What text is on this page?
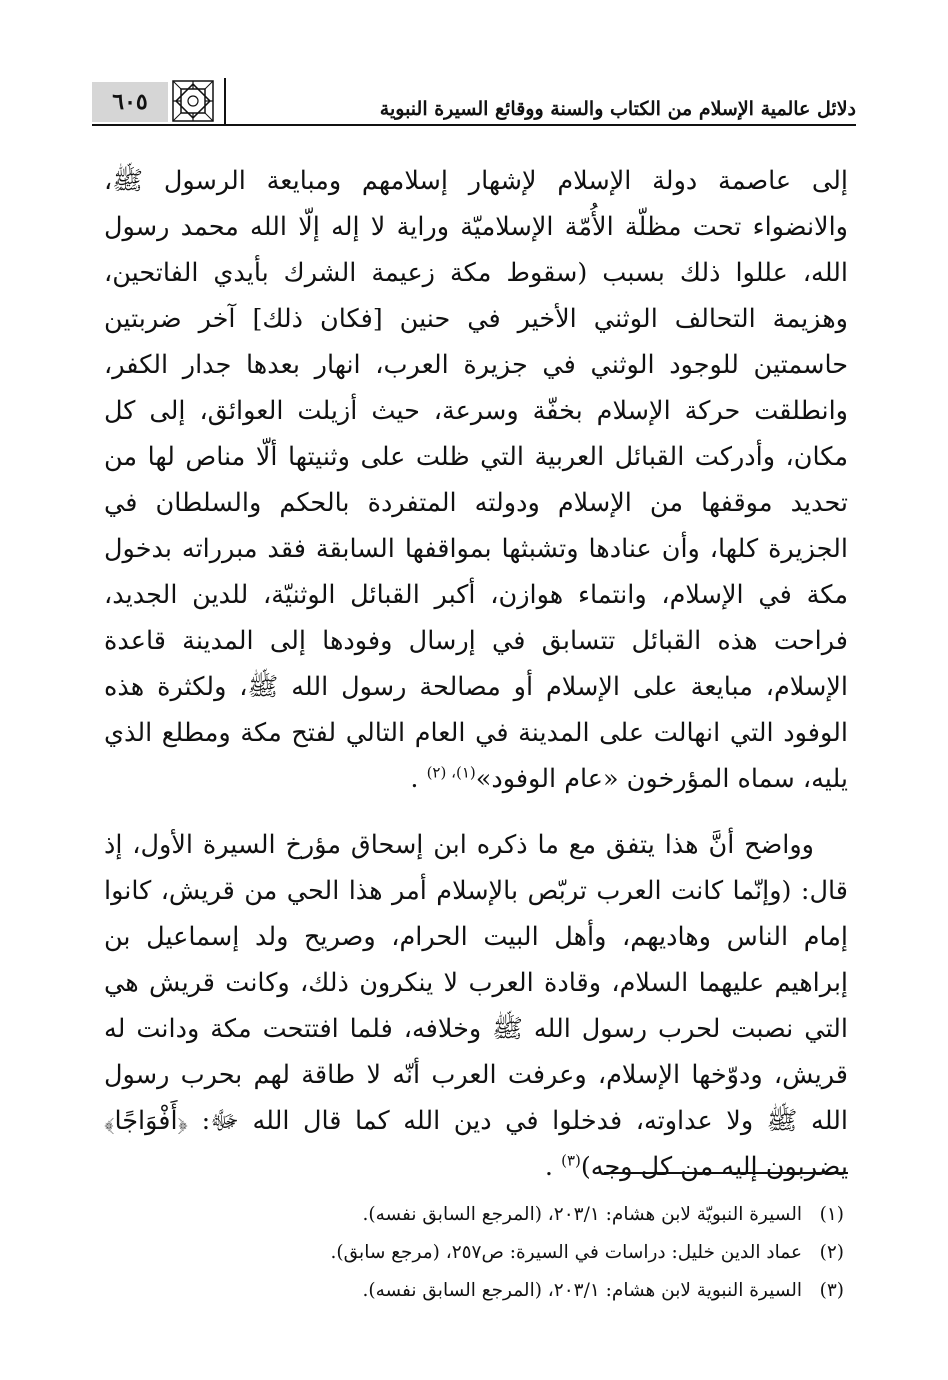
دلائل عالمية الإسلام من الكتاب والسنة ووقائع السيرة النبوية
٦٠٥

إلى عاصمة دولة الإسلام لإشهار إسلامهم ومبايعة الرسول ﷺ، والانضواء تحت مظلّة الأُمّة الإسلاميّة وراية لا إله إلّا الله محمد رسول الله، عللوا ذلك بسبب (سقوط مكة زعيمة الشرك بأيدي الفاتحين، وهزيمة التحالف الوثني الأخير في حنين [فكان ذلك] آخر ضربتين حاسمتين للوجود الوثني في جزيرة العرب، انهار بعدها جدار الكفر، وانطلقت حركة الإسلام بخفّة وسرعة، حيث أزيلت العوائق، إلى كل مكان، وأدركت القبائل العربية التي ظلت على وثنيتها ألّا مناص لها من تحديد موقفها من الإسلام ودولته المتفردة بالحكم والسلطان في الجزيرة كلها، وأن عنادها وتشبثها بمواقفها السابقة فقد مبرراته بدخول مكة في الإسلام، وانتماء هوازن، أكبر القبائل الوثنيّة، للدين الجديد، فراحت هذه القبائل تتسابق في إرسال وفودها إلى المدينة قاعدة الإسلام، مبايعة على الإسلام أو مصالحة رسول الله ﷺ، ولكثرة هذه الوفود التي انهالت على المدينة في العام التالي لفتح مكة ومطلع الذي يليه، سماه المؤرخون «عام الوفود»$^{(١)، (٢)}$ .

وواضح أنَّ هذا يتفق مع ما ذكره ابن إسحاق مؤرخ السيرة الأول، إذ قال: (وإنّما كانت العرب تربّص بالإسلام أمر هذا الحي من قريش، كانوا إمام الناس وهاديهم، وأهل البيت الحرام، وصريح ولد إسماعيل بن إبراهيم عليهما السلام، وقادة العرب لا ينكرون ذلك، وكانت قريش هي التي نصبت لحرب رسول الله ﷺ وخلافه، فلما افتتحت مكة ودانت له قريش، ودوّخها الإسلام، وعرفت العرب أنّه لا طاقة لهم بحرب رسول الله ﷺ ولا عداوته، فدخلوا في دين الله كما قال الله ﷻ: ﴿أَفْوَاجًا﴾ يضربون إليه من كل وجه)$^{(٣)}$ .

(١)السيرة النبويّة لابن هشام: ٢٠٣/١، (المرجع السابق نفسه).
(٢)عماد الدين خليل: دراسات في السيرة: ص٢٥٧، (مرجع سابق).
(٣)السيرة النبوية لابن هشام: ٢٠٣/١، (المرجع السابق نفسه).
